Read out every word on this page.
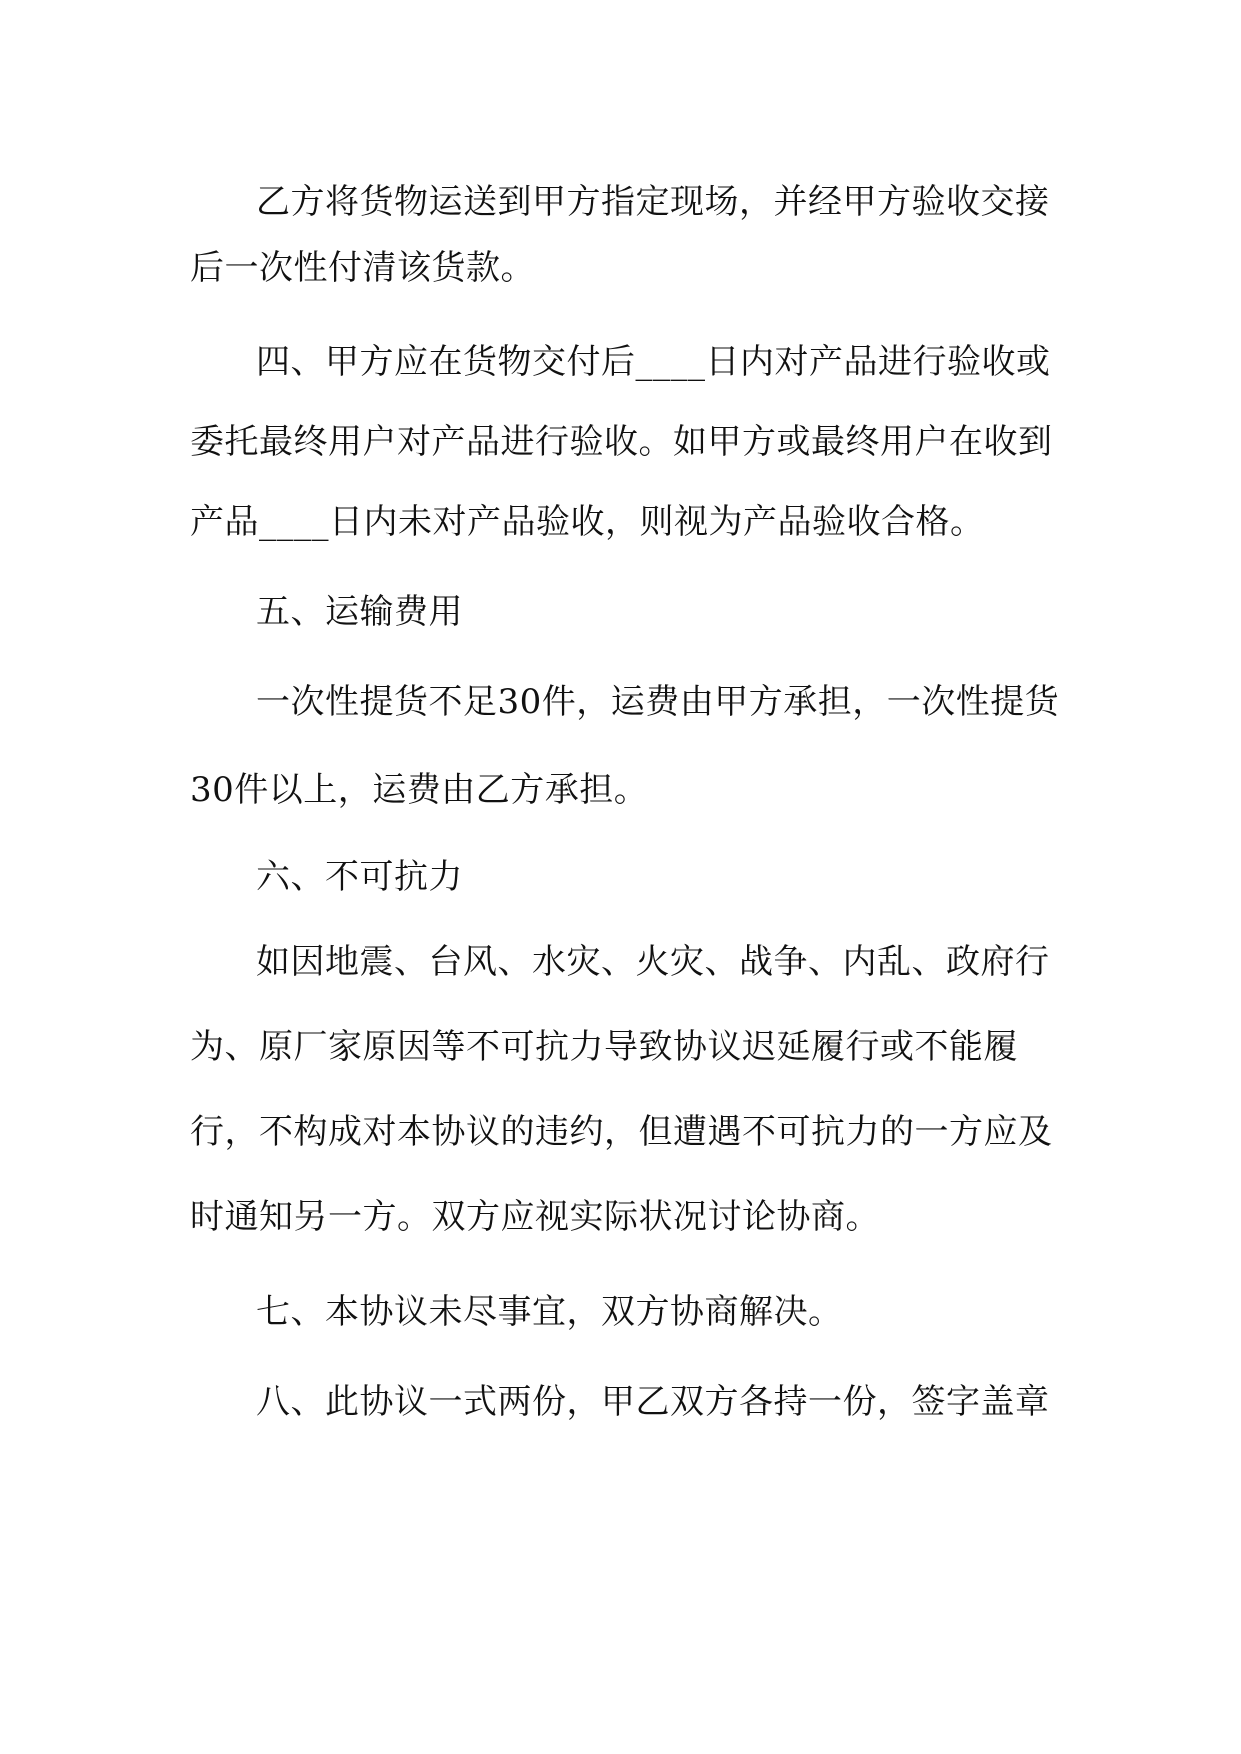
乙方将货物运送到甲方指定现场，并经甲方验收交接
后一次性付清该货款。
四、甲方应在货物交付后____日内对产品进行验收或
委托最终用户对产品进行验收。如甲方或最终用户在收到
产品____日内未对产品验收，则视为产品验收合格。
五、运输费用
一次性提货不足30件，运费由甲方承担，一次性提货
30件以上，运费由乙方承担。
六、不可抗力
如因地震、台风、水灾、火灾、战争、内乱、政府行
为、原厂家原因等不可抗力导致协议迟延履行或不能履
行，不构成对本协议的违约，但遭遇不可抗力的一方应及
时通知另一方。双方应视实际状况讨论协商。
七、本协议未尽事宜，双方协商解决。
八、此协议一式两份，甲乙双方各持一份，签字盖章
